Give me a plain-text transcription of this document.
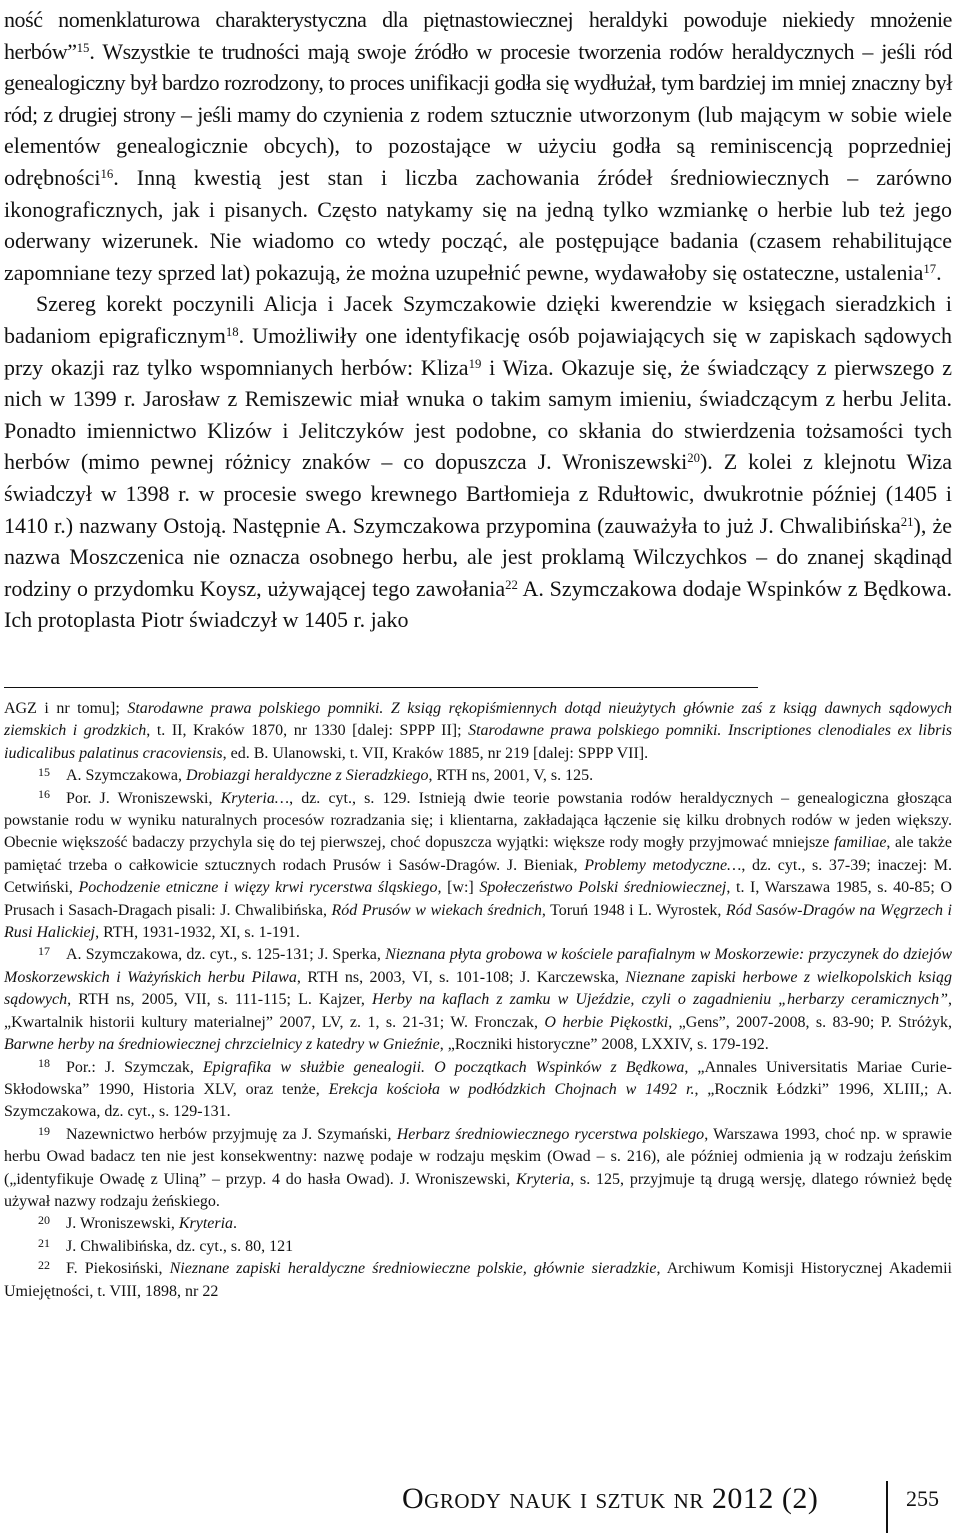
ność nomenklaturowa charakterystyczna dla piętnastowiecznej heraldyki powoduje niekiedy mnożenie herbów”$^{15}$. Wszystkie te trudności mają swoje źródło w procesie tworzenia rodów heraldycznych – jeśli ród genealogiczny był bardzo rozrodzony, to proces unifikacji godła się wydłużał, tym bardziej im mniej znaczny był ród; z drugiej strony – jeśli mamy do czynienia z rodem sztucznie utworzonym (lub mającym w sobie wiele elementów genealogicznie obcych), to pozostające w użyciu godła są reminiscencją poprzedniej odrębności$^{16}$. Inną kwestią jest stan i liczba zachowania źródeł średniowiecznych – zarówno ikonograficznych, jak i pisanych. Często natykamy się na jedną tylko wzmiankę o herbie lub też jego oderwany wizerunek. Nie wiadomo co wtedy począć, ale postępujące badania (czasem rehabilitujące zapomniane tezy sprzed lat) pokazują, że można uzupełnić pewne, wydawałoby się ostateczne, ustalenia$^{17}$.

Szereg korekt poczynili Alicja i Jacek Szymczakowie dzięki kwerendzie w księgach sieradzkich i badaniom epigraficznym$^{18}$. Umożliwiły one identyfikację osób pojawiających się w zapiskach sądowych przy okazji raz tylko wspomnianych herbów: Kliza$^{19}$ i Wiza. Okazuje się, że świadczący z pierwszego z nich w 1399 r. Jarosław z Remiszewic miał wnuka o takim samym imieniu, świadczącym z herbu Jelita. Ponadto imiennictwo Klizów i Jelitczyków jest podobne, co skłania do stwierdzenia tożsamości tych herbów (mimo pewnej różnicy znaków – co dopuszcza J. Wroniszewski$^{20}$). Z kolei z klejnotu Wiza świadczył w 1398 r. w procesie swego krewnego Bartłomieja z Rdułtowic, dwukrotnie później (1405 i 1410 r.) nazwany Ostoją. Następnie A. Szymczakowa przypomina (zauważyła to już J. Chwalibińska$^{21}$), że nazwa Moszczenica nie oznacza osobnego herbu, ale jest proklamą Wilczychkos – do znanej skądinąd rodziny o przydomku Koysz, używającej tego zawołania$^{22}$ A. Szymczakowa dodaje Wspinków z Będkowa. Ich protoplasta Piotr świadczył w 1405 r. jako

AGZ i nr tomu]; Starodawne prawa polskiego pomniki. Z ksiąg rękopiśmiennych dotąd nieużytych głównie zaś z ksiąg dawnych sądowych ziemskich i grodzkich, t. II, Kraków 1870, nr 1330 [dalej: SPPP II]; Starodawne prawa polskiego pomniki. Inscriptiones clenodiales ex libris iudicalibus palatinus cracoviensis, ed. B. Ulanowski, t. VII, Kraków 1885, nr 219 [dalej: SPPP VII].

15 A. Szymczakowa, Drobiazgi heraldyczne z Sieradzkiego, RTH ns, 2001, V, s. 125.

16 Por. J. Wroniszewski, Kryteria…, dz. cyt., s. 129. Istnieją dwie teorie powstania rodów heraldycznych – genealogiczna głosząca powstanie rodu w wyniku naturalnych procesów rozradzania się; i klientarna, zakładająca łączenie się kilku drobnych rodów w jeden większy. Obecnie większość badaczy przychyla się do tej pierwszej, choć dopuszcza wyjątki: większe rody mogły przyjmować mniejsze familiae, ale także pamiętać trzeba o całkowicie sztucznych rodach Prusów i Sasów-Dragów. J. Bieniak, Problemy metodyczne…, dz. cyt., s. 37-39; inaczej: M. Cetwiński, Pochodzenie etniczne i więzy krwi rycerstwa śląskiego, [w:] Społeczeństwo Polski średniowiecznej, t. I, Warszawa 1985, s. 40-85; O Prusach i Sasach-Dragach pisali: J. Chwalibińska, Ród Prusów w wiekach średnich, Toruń 1948 i L. Wyrostek, Ród Sasów-Dragów na Węgrzech i Rusi Halickiej, RTH, 1931-1932, XI, s. 1-191.

17 A. Szymczakowa, dz. cyt., s. 125-131; J. Sperka, Nieznana płyta grobowa w kościele parafialnym w Moskorzewie: przyczynek do dziejów Moskorzewskich i Ważyńskich herbu Pilawa, RTH ns, 2003, VI, s. 101-108; J. Karczewska, Nieznane zapiski herbowe z wielkopolskich ksiąg sądowych, RTH ns, 2005, VII, s. 111-115; L. Kajzer, Herby na kaflach z zamku w Ujeździe, czyli o zagadnieniu „herbarzy ceramicznych”, „Kwartalnik historii kultury materialnej” 2007, LV, z. 1, s. 21-31; W. Fronczak, O herbie Piękostki, „Gens”, 2007-2008, s. 83-90; P. Stróżyk, Barwne herby na średniowiecznej chrzcielnicy z katedry w Gnieźnie, „Roczniki historyczne” 2008, LXXIV, s. 179-192.

18 Por.: J. Szymczak, Epigrafika w służbie genealogii. O początkach Wspinków z Będkowa, „Annales Universitatis Mariae Curie-Skłodowska” 1990, Historia XLV, oraz tenże, Erekcja kościoła w podłódzkich Chojnach w 1492 r., „Rocznik Łódzki” 1996, XLIII,; A. Szymczakowa, dz. cyt., s. 129-131.

19 Nazewnictwo herbów przyjmuję za J. Szymański, Herbarz średniowiecznego rycerstwa polskiego, Warszawa 1993, choć np. w sprawie herbu Owad badacz ten nie jest konsekwentny: nazwę podaje w rodzaju męskim (Owad – s. 216), ale później odmienia ją w rodzaju żeńskim („identyfikuje Owadę z Uliną” – przyp. 4 do hasła Owad). J. Wroniszewski, Kryteria, s. 125, przyjmuje tą drugą wersję, dlatego również będę używał nazwy rodzaju żeńskiego.

20 J. Wroniszewski, Kryteria.

21 J. Chwalibińska, dz. cyt., s. 80, 121

22 F. Piekosiński, Nieznane zapiski heraldyczne średniowieczne polskie, głównie sieradzkie, Archiwum Komisji Historycznej Akademii Umiejętności, t. VIII, 1898, nr 22

Ogrody nauk i sztuk nr 2012 (2)	255
